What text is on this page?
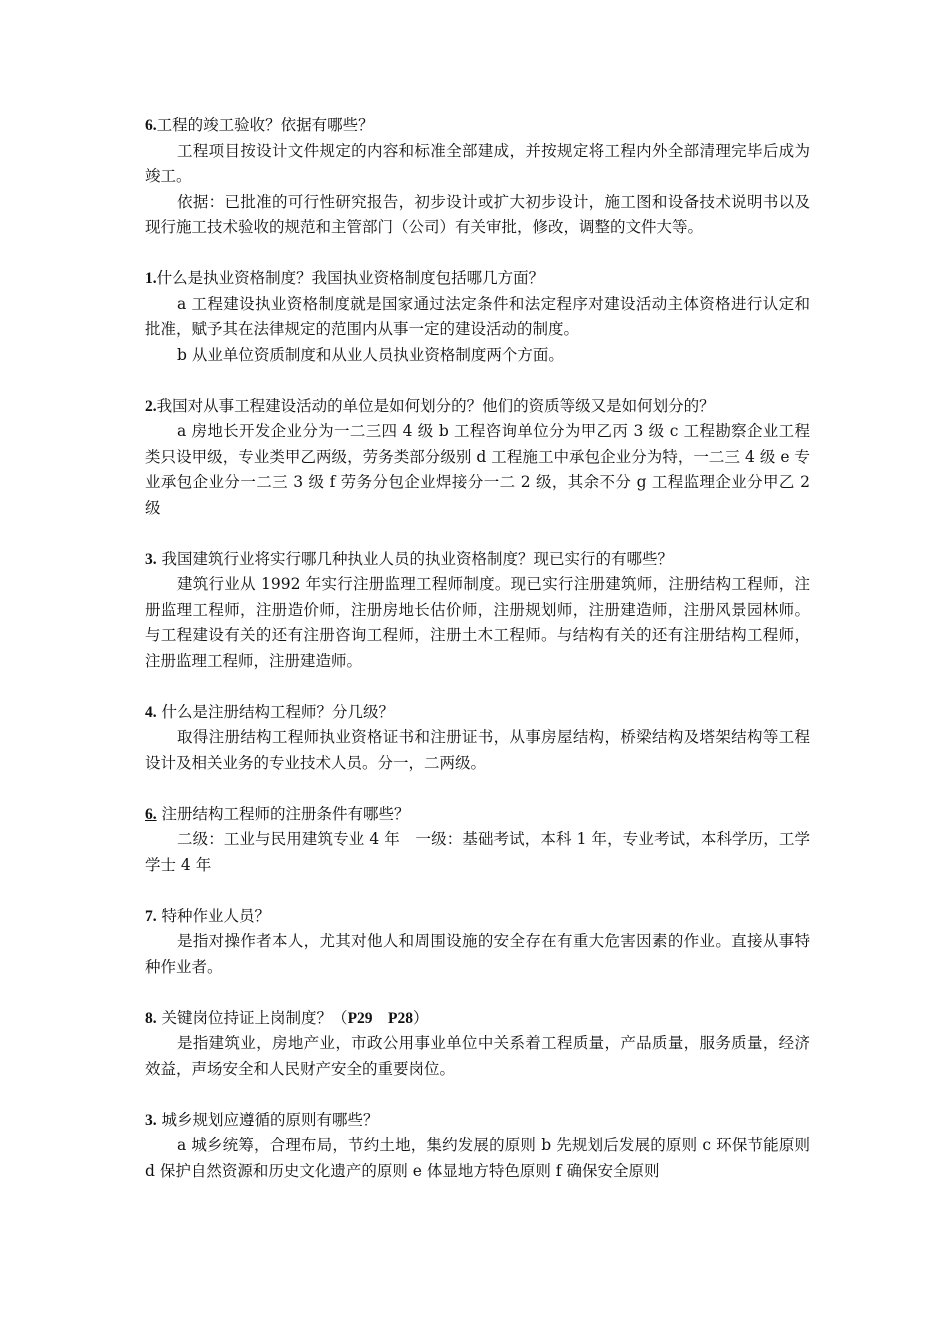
6.工程的竣工验收？依据有哪些？

工程项目按设计文件规定的内容和标准全部建成，并按规定将工程内外全部清理完毕后成为竣工。

依据：已批准的可行性研究报告，初步设计或扩大初步设计，施工图和设备技术说明书以及现行施工技术验收的规范和主管部门（公司）有关审批，修改，调整的文件大等。

1.什么是执业资格制度？我国执业资格制度包括哪几方面？

a 工程建设执业资格制度就是国家通过法定条件和法定程序对建设活动主体资格进行认定和批准，赋予其在法律规定的范围内从事一定的建设活动的制度。

b 从业单位资质制度和从业人员执业资格制度两个方面。

2.我国对从事工程建设活动的单位是如何划分的？他们的资质等级又是如何划分的？

a 房地长开发企业分为一二三四 4 级 b 工程咨询单位分为甲乙丙 3 级 c 工程勘察企业工程类只设甲级，专业类甲乙两级，劳务类部分级别 d 工程施工中承包企业分为特，一二三 4 级 e 专业承包企业分一二三 3 级 f 劳务分包企业焊接分一二 2 级，其余不分 g 工程监理企业分甲乙 2 级

3. 我国建筑行业将实行哪几种执业人员的执业资格制度？现已实行的有哪些？

建筑行业从 1992 年实行注册监理工程师制度。现已实行注册建筑师，注册结构工程师，注册监理工程师，注册造价师，注册房地长估价师，注册规划师，注册建造师，注册风景园林师。与工程建设有关的还有注册咨询工程师，注册土木工程师。与结构有关的还有注册结构工程师，注册监理工程师，注册建造师。

4. 什么是注册结构工程师？分几级？

取得注册结构工程师执业资格证书和注册证书，从事房屋结构，桥梁结构及塔架结构等工程设计及相关业务的专业技术人员。分一，二两级。

6. 注册结构工程师的注册条件有哪些？

二级：工业与民用建筑专业 4 年　一级：基础考试，本科 1 年，专业考试，本科学历，工学学士 4 年

7. 特种作业人员？

是指对操作者本人，尤其对他人和周围设施的安全存在有重大危害因素的作业。直接从事特种作业者。

8. 关键岗位持证上岗制度？（P29　P28）

是指建筑业，房地产业，市政公用事业单位中关系着工程质量，产品质量，服务质量，经济效益，声场安全和人民财产安全的重要岗位。

3. 城乡规划应遵循的原则有哪些？

a 城乡统筹，合理布局，节约土地，集约发展的原则 b 先规划后发展的原则 c 环保节能原则 d 保护自然资源和历史文化遗产的原则 e 体显地方特色原则 f 确保安全原则
